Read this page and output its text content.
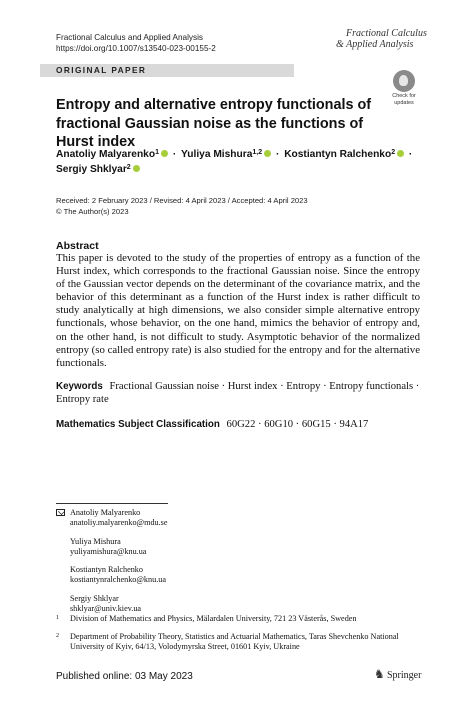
Fractional Calculus and Applied Analysis
https://doi.org/10.1007/s13540-023-00155-2
Fractional Calculus
& Applied Analysis
ORIGINAL PAPER
Check for updates
Entropy and alternative entropy functionals of fractional Gaussian noise as the functions of Hurst index
Anatoliy Malyarenko$^1$ · Yuliya Mishura$^{1,2}$ · Kostiantyn Ralchenko$^2$ ·
Sergiy Shklyar$^2$
Received: 2 February 2023 / Revised: 4 April 2023 / Accepted: 4 April 2023
© The Author(s) 2023
Abstract
This paper is devoted to the study of the properties of entropy as a function of the Hurst index, which corresponds to the fractional Gaussian noise. Since the entropy of the Gaussian vector depends on the determinant of the covariance matrix, and the behavior of this determinant as a function of the Hurst index is rather difficult to study analytically at high dimensions, we also consider simple alternative entropy functionals, whose behavior, on the one hand, mimics the behavior of entropy and, on the other hand, is not difficult to study. Asymptotic behavior of the normalized entropy (so called entropy rate) is also studied for the entropy and for the alternative functionals.
Keywords Fractional Gaussian noise · Hurst index · Entropy · Entropy functionals · Entropy rate
Mathematics Subject Classification 60G22 · 60G10 · 60G15 · 94A17
Anatoliy Malyarenko
anatoliy.malyarenko@mdu.se
Yuliya Mishura
yuliyamishura@knu.ua
Kostiantyn Ralchenko
kostiantynralchenko@knu.ua
Sergiy Shklyar
shklyar@univ.kiev.ua
1	Division of Mathematics and Physics, Mälardalen University, 721 23 Västerås, Sweden
2	Department of Probability Theory, Statistics and Actuarial Mathematics, Taras Shevchenko National University of Kyiv, 64/13, Volodymyrska Street, 01601 Kyiv, Ukraine
Published online: 03 May 2023
♞	Springer
